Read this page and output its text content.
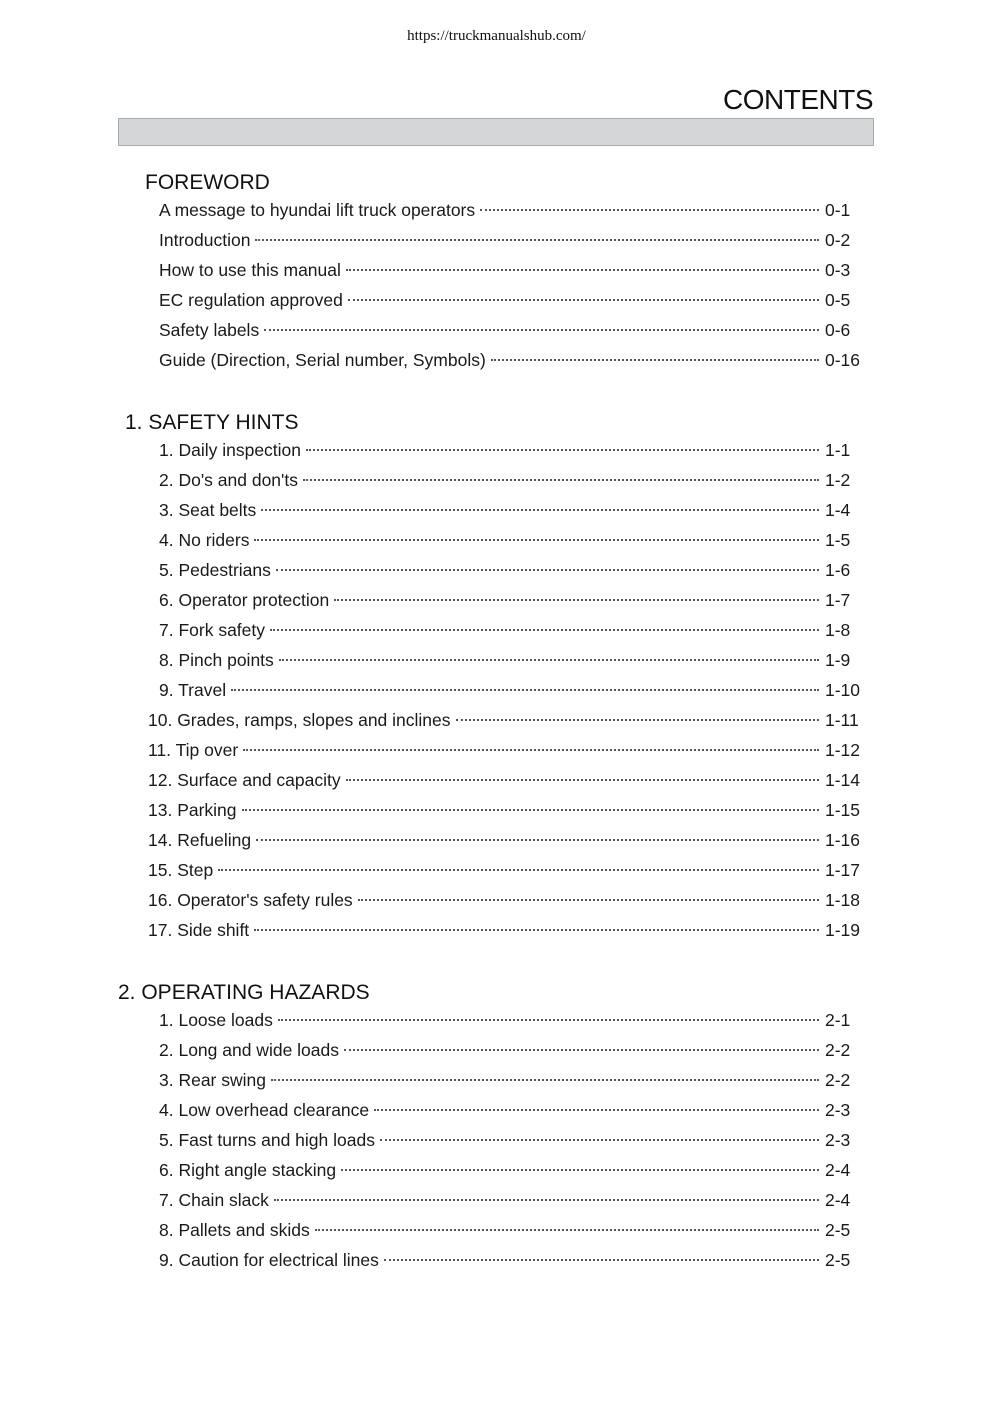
https://truckmanualshub.com/
CONTENTS
FOREWORD
A message to hyundai lift truck operators	0-1
Introduction	0-2
How to use this manual	0-3
EC regulation approved	0-5
Safety labels	0-6
Guide (Direction, Serial number, Symbols)	0-16
1. SAFETY HINTS
1. Daily inspection	1-1
2. Do's and don'ts	1-2
3. Seat belts	1-4
4. No riders	1-5
5. Pedestrians	1-6
6. Operator protection	1-7
7. Fork safety	1-8
8. Pinch points	1-9
9. Travel	1-10
10. Grades, ramps, slopes and inclines	1-11
11. Tip over	1-12
12. Surface and capacity	1-14
13. Parking	1-15
14. Refueling	1-16
15. Step	1-17
16. Operator's safety rules	1-18
17. Side shift	1-19
2. OPERATING HAZARDS
1. Loose loads	2-1
2. Long and wide loads	2-2
3. Rear swing	2-2
4. Low overhead clearance	2-3
5. Fast turns and high loads	2-3
6. Right angle stacking	2-4
7. Chain slack	2-4
8. Pallets and skids	2-5
9. Caution for electrical lines	2-5
